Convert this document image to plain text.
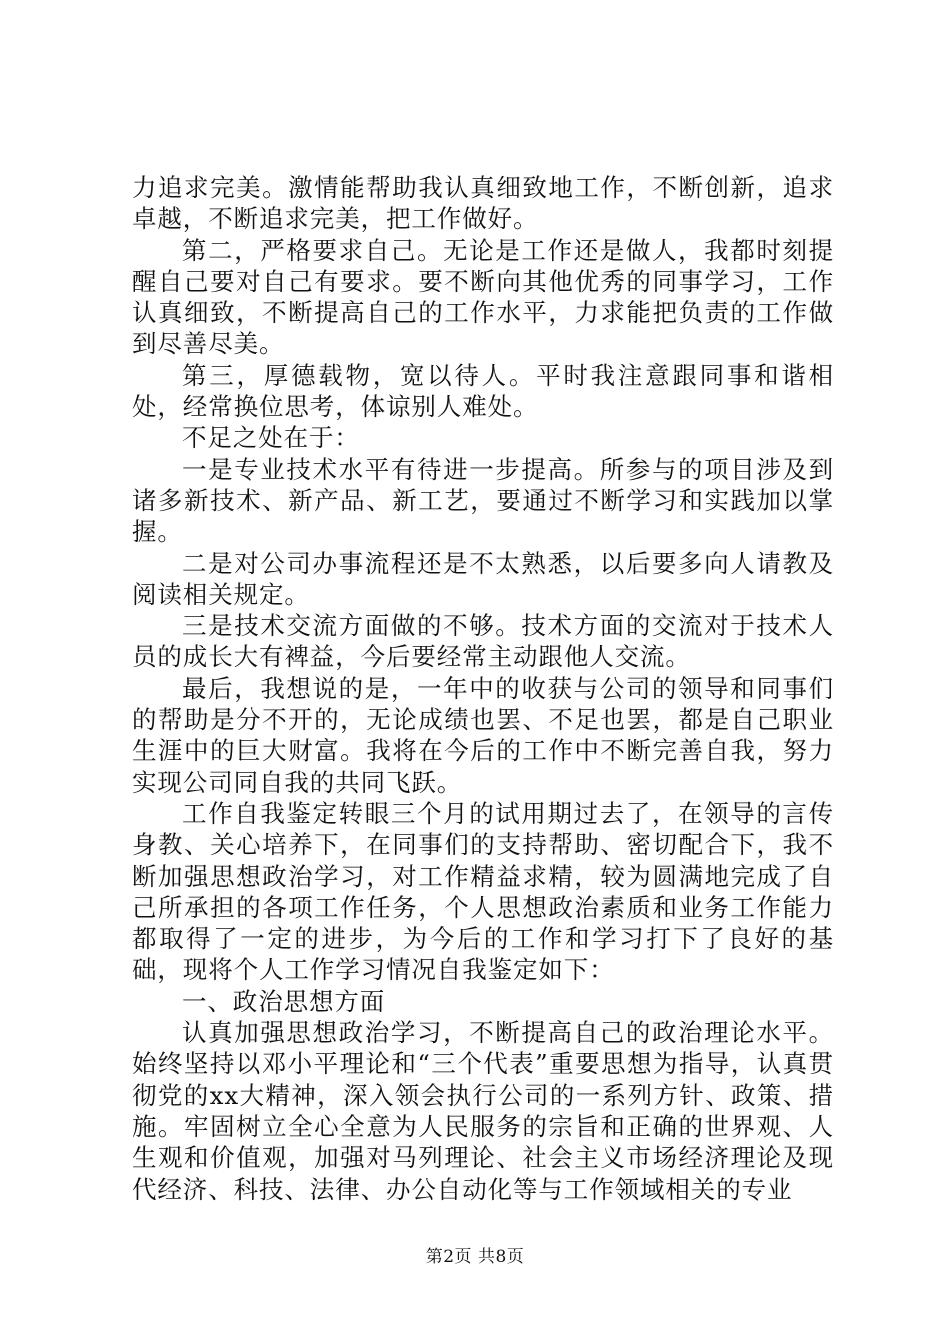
力追求完美。激情能帮助我认真细致地工作，不断创新，追求卓越，不断追求完美，把工作做好。

第二，严格要求自己。无论是工作还是做人，我都时刻提醒自己要对自己有要求。要不断向其他优秀的同事学习，工作认真细致，不断提高自己的工作水平，力求能把负责的工作做到尽善尽美。

第三，厚德载物，宽以待人。平时我注意跟同事和谐相处，经常换位思考，体谅别人难处。

不足之处在于：

一是专业技术水平有待进一步提高。所参与的项目涉及到诸多新技术、新产品、新工艺，要通过不断学习和实践加以掌握。

二是对公司办事流程还是不太熟悉，以后要多向人请教及阅读相关规定。

三是技术交流方面做的不够。技术方面的交流对于技术人员的成长大有裨益，今后要经常主动跟他人交流。

最后，我想说的是，一年中的收获与公司的领导和同事们的帮助是分不开的，无论成绩也罢、不足也罢，都是自己职业生涯中的巨大财富。我将在今后的工作中不断完善自我，努力实现公司同自我的共同飞跃。

工作自我鉴定转眼三个月的试用期过去了，在领导的言传身教、关心培养下，在同事们的支持帮助、密切配合下，我不断加强思想政治学习，对工作精益求精，较为圆满地完成了自己所承担的各项工作任务，个人思想政治素质和业务工作能力都取得了一定的进步，为今后的工作和学习打下了良好的基础，现将个人工作学习情况自我鉴定如下：

一、政治思想方面

认真加强思想政治学习，不断提高自己的政治理论水平。始终坚持以邓小平理论和“三个代表”重要思想为指导，认真贯彻党的xx大精神，深入领会执行公司的一系列方针、政策、措施。牢固树立全心全意为人民服务的宗旨和正确的世界观、人生观和价值观，加强对马列理论、社会主义市场经济理论及现代经济、科技、法律、办公自动化等与工作领域相关的专业

第2页 共8页
